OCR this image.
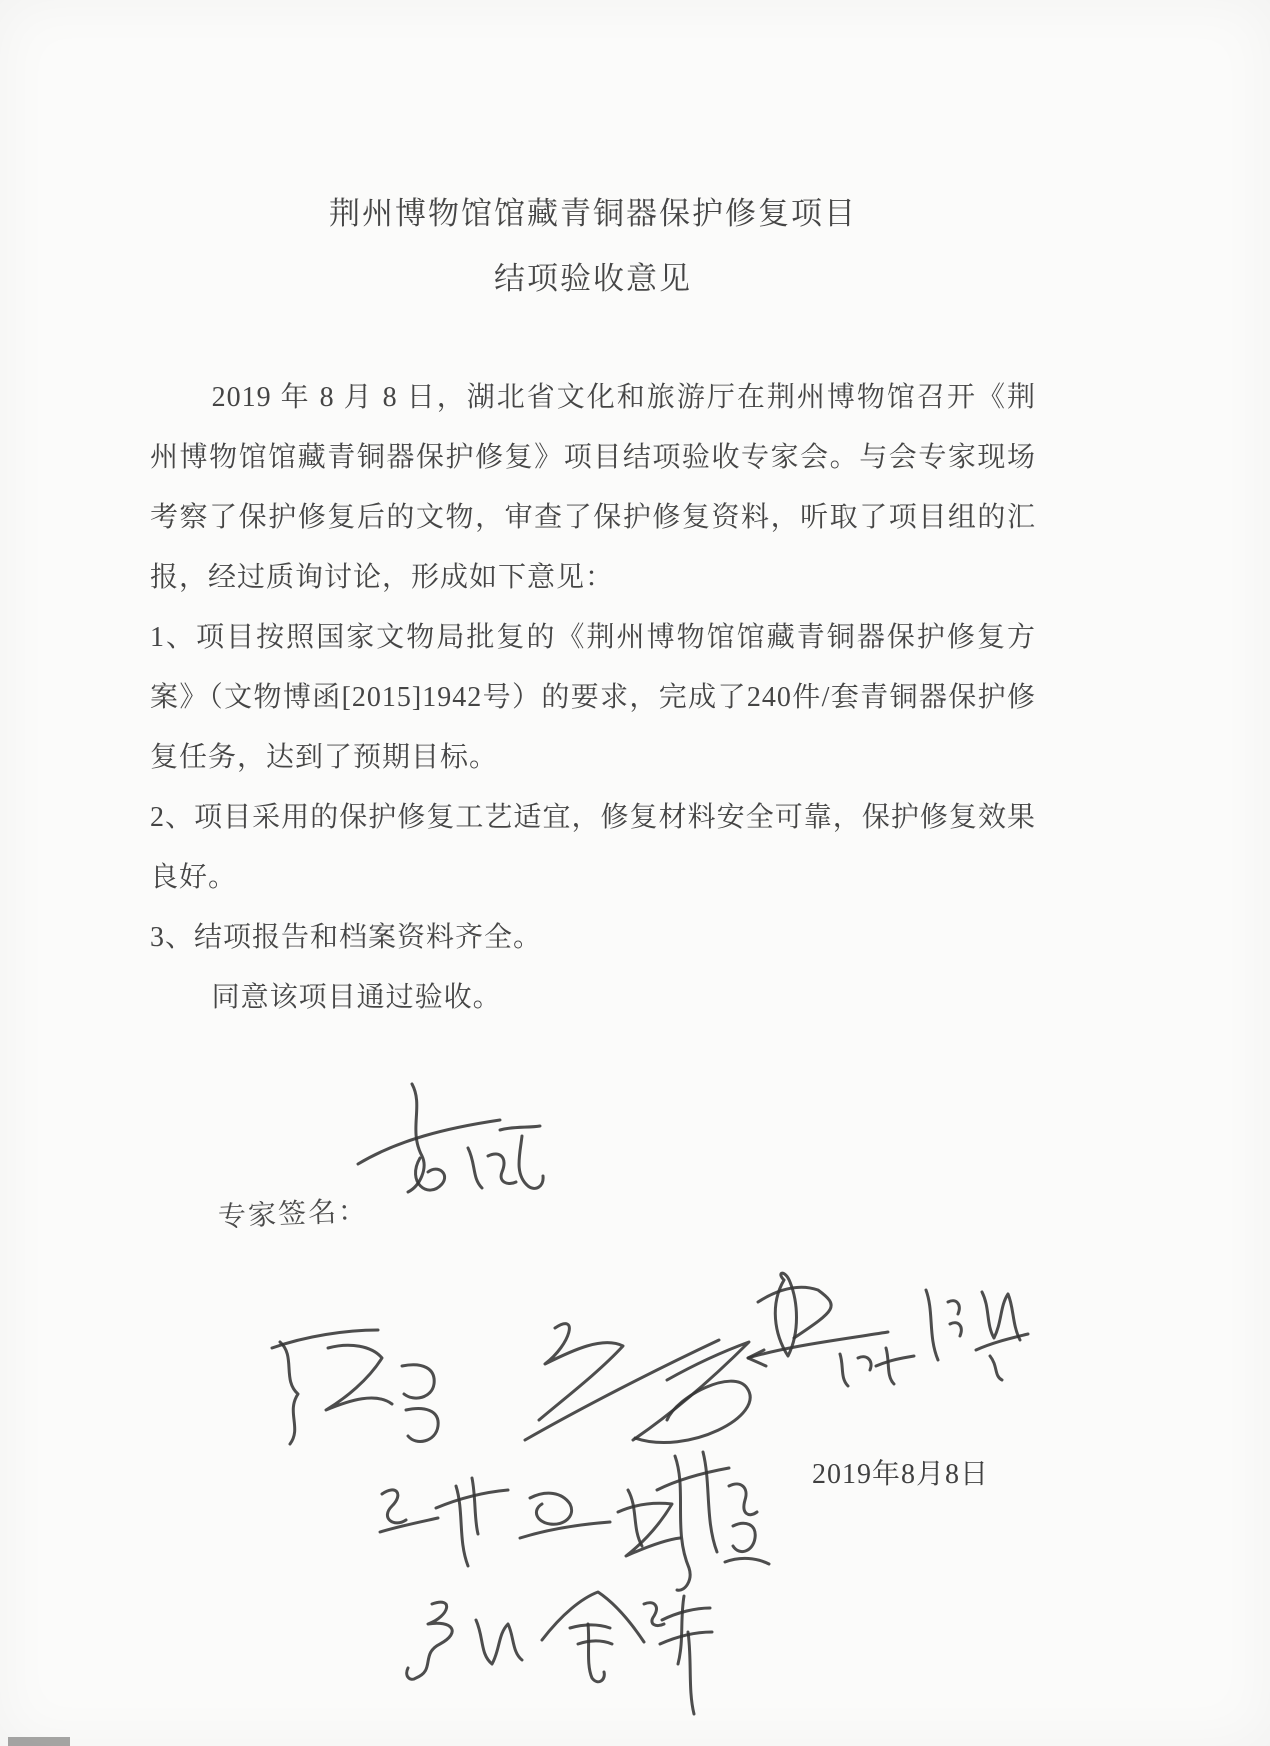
荆州博物馆馆藏青铜器保护修复项目
结项验收意见

2019 年 8 月 8 日，湖北省文化和旅游厅在荆州博物馆召开《荆州博物馆馆藏青铜器保护修复》项目结项验收专家会。与会专家现场考察了保护修复后的文物，审查了保护修复资料，听取了项目组的汇报，经过质询讨论，形成如下意见：

1、项目按照国家文物局批复的《荆州博物馆馆藏青铜器保护修复方案》（文物博函[2015]1942号）的要求，完成了240件/套青铜器保护修复任务，达到了预期目标。

2、项目采用的保护修复工艺适宜，修复材料安全可靠，保护修复效果良好。

3、结项报告和档案资料齐全。

同意该项目通过验收。

专家签名：
2019年8月8日
